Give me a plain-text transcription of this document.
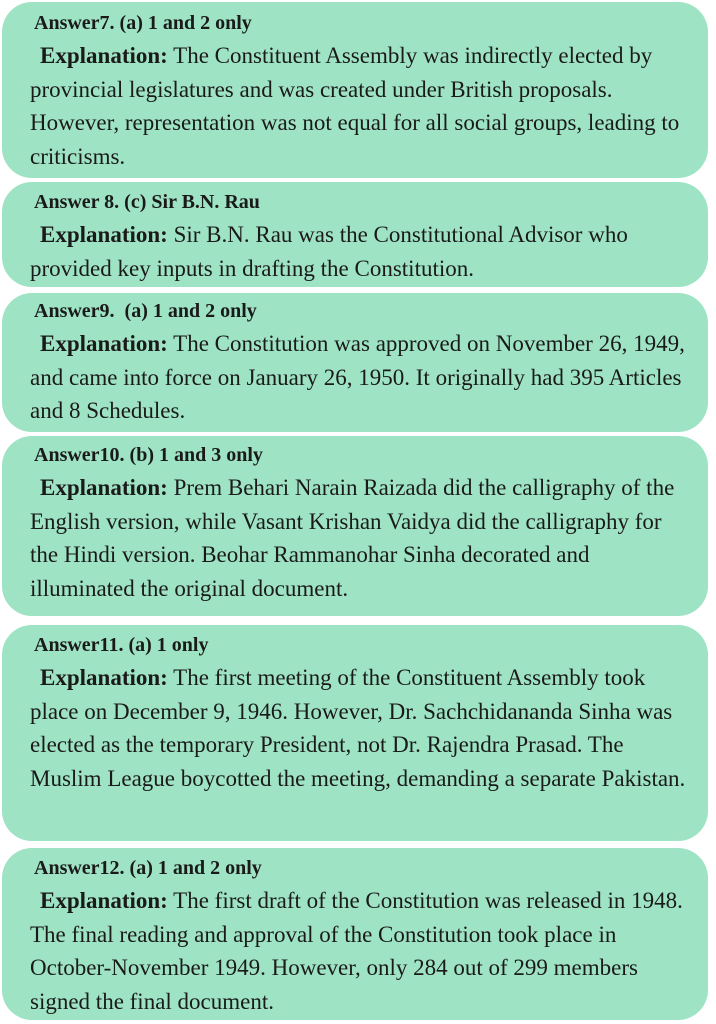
Answer7. (a) 1 and 2 only
Explanation: The Constituent Assembly was indirectly elected by provincial legislatures and was created under British proposals. However, representation was not equal for all social groups, leading to criticisms.
Answer 8. (c) Sir B.N. Rau
Explanation: Sir B.N. Rau was the Constitutional Advisor who provided key inputs in drafting the Constitution.
Answer9.  (a) 1 and 2 only
Explanation: The Constitution was approved on November 26, 1949, and came into force on January 26, 1950. It originally had 395 Articles and 8 Schedules.
Answer10. (b) 1 and 3 only
Explanation: Prem Behari Narain Raizada did the calligraphy of the English version, while Vasant Krishan Vaidya did the calligraphy for the Hindi version. Beohar Rammanohar Sinha decorated and illuminated the original document.
Answer11. (a) 1 only
Explanation: The first meeting of the Constituent Assembly took place on December 9, 1946. However, Dr. Sachchidananda Sinha was elected as the temporary President, not Dr. Rajendra Prasad. The Muslim League boycotted the meeting, demanding a separate Pakistan.
Answer12. (a) 1 and 2 only
Explanation: The first draft of the Constitution was released in 1948. The final reading and approval of the Constitution took place in October-November 1949. However, only 284 out of 299 members signed the final document.
